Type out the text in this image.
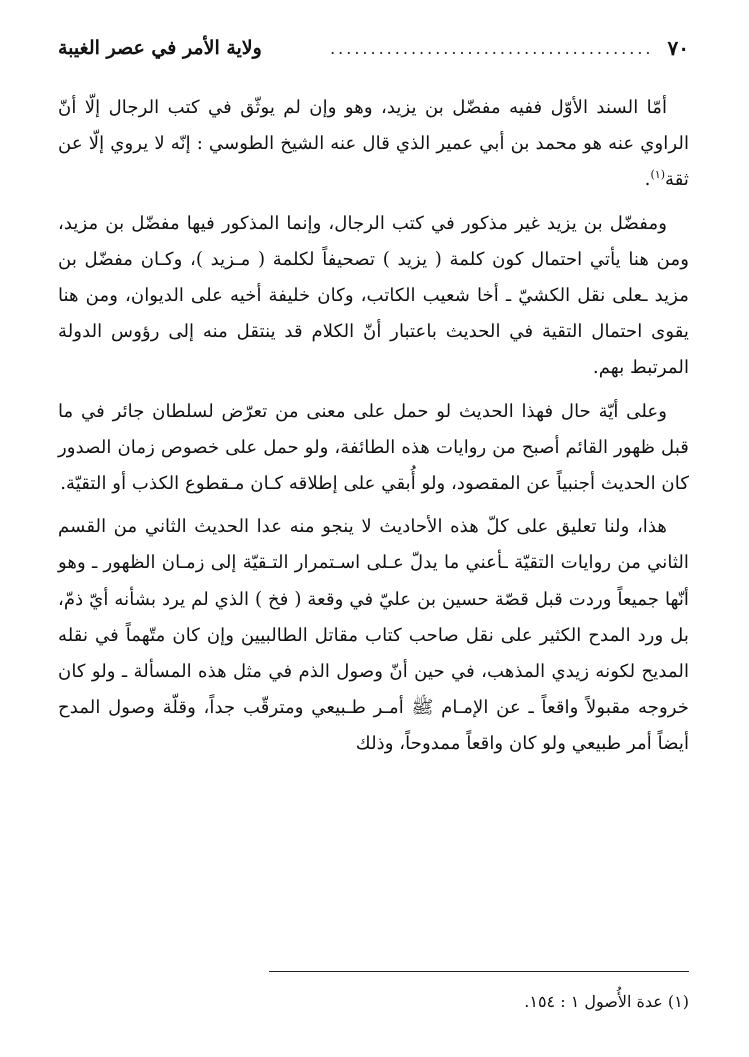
٧٠
........................................
ولاية الأمر في عصر الغيبة

أمّا السند الأوّل ففيه مفضّل بن يزيد، وهو وإن لم يوثّق في كتب الرجال إلّا أنّ الراوي عنه هو محمد بن أبي عمير الذي قال عنه الشيخ الطوسي : إنّه لا يروي إلّا عن ثقة$^{(١)}$.

ومفضّل بن يزيد غير مذكور في كتب الرجال، وإنما المذكور فيها مفضّل بن مزيد، ومن هنا يأتي احتمال كون كلمة ( يزيد ) تصحيفاً لكلمة ( مـزيد )، وكـان مفضّل بن مزيد ـعلى نقل الكشيّ ـ أخا شعيب الكاتب، وكان خليفة أخيه على الديوان، ومن هنا يقوى احتمال التقية في الحديث باعتبار أنّ الكلام قد ينتقل منه إلى رؤوس الدولة المرتبط بهم.

وعلى أيّة حال فهذا الحديث لو حمل على معنى من تعرّض لسلطان جائر في ما قبل ظهور القائم أصبح من روايات هذه الطائفة، ولو حمل على خصوص زمان الصدور كان الحديث أجنبياً عن المقصود، ولو أُبقي على إطلاقه كـان مـقطوع الكذب أو التقيّة.

هذا، ولنا تعليق على كلّ هذه الأحاديث لا ينجو منه عدا الحديث الثاني من القسم الثاني من روايات التقيّة ـأعني ما يدلّ عـلى اسـتمرار التـقيّة إلى زمـان الظهور ـ وهو أنّها جميعاً وردت قبل قصّة حسين بن عليّ في وقعة ( فخ ) الذي لم يرد بشأنه أيّ ذمّ، بل ورد المدح الكثير على نقل صاحب كتاب مقاتل الطالبيين وإن كان متّهماً في نقله المديح لكونه زيدي المذهب، في حين أنّ وصول الذم في مثل هذه المسألة ـ ولو كان خروجه مقبولاً واقعاً ـ عن الإمـام ﷺ أمـر طـبيعي ومترقّب جداً، وقلّة وصول المدح أيضاً أمر طبيعي ولو كان واقعاً ممدوحاً، وذلك

(١) عدة الأُصول ١ : ١٥٤.
